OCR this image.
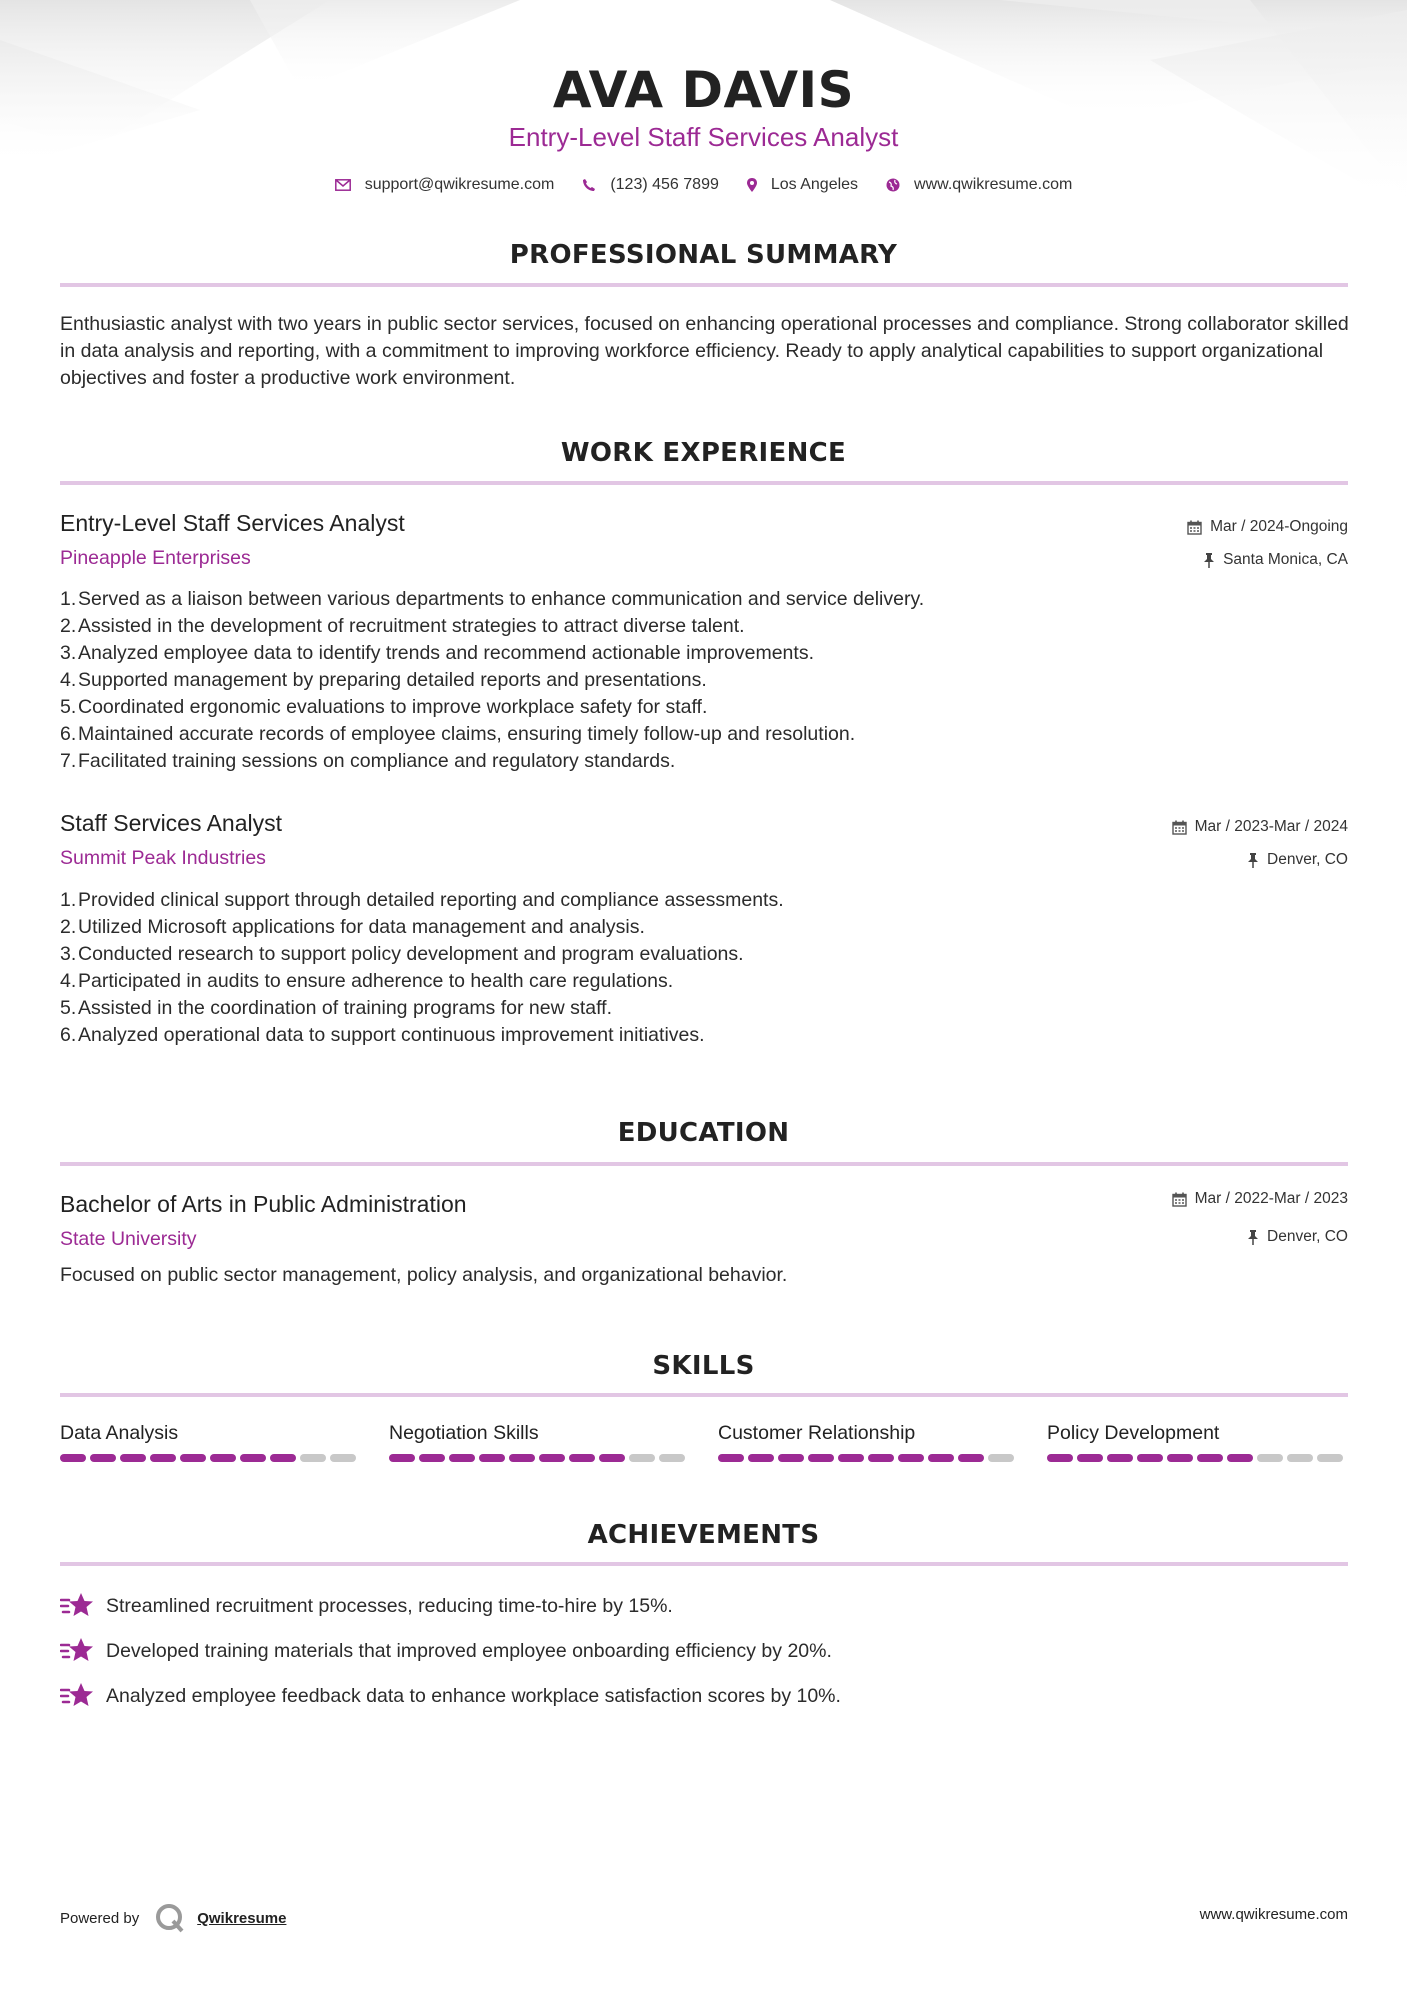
AVA DAVIS
Entry-Level Staff Services Analyst
support@qwikresume.com	(123) 456 7899	Los Angeles	www.qwikresume.com
PROFESSIONAL SUMMARY
Enthusiastic analyst with two years in public sector services, focused on enhancing operational processes and compliance. Strong collaborator skilled in data analysis and reporting, with a commitment to improving workforce efficiency. Ready to apply analytical capabilities to support organizational objectives and foster a productive work environment.
WORK EXPERIENCE
Entry-Level Staff Services Analyst
Pineapple Enterprises
Mar / 2024-Ongoing
Santa Monica, CA
1. Served as a liaison between various departments to enhance communication and service delivery.
2. Assisted in the development of recruitment strategies to attract diverse talent.
3. Analyzed employee data to identify trends and recommend actionable improvements.
4. Supported management by preparing detailed reports and presentations.
5. Coordinated ergonomic evaluations to improve workplace safety for staff.
6. Maintained accurate records of employee claims, ensuring timely follow-up and resolution.
7. Facilitated training sessions on compliance and regulatory standards.
Staff Services Analyst
Summit Peak Industries
Mar / 2023-Mar / 2024
Denver, CO
1. Provided clinical support through detailed reporting and compliance assessments.
2. Utilized Microsoft applications for data management and analysis.
3. Conducted research to support policy development and program evaluations.
4. Participated in audits to ensure adherence to health care regulations.
5. Assisted in the coordination of training programs for new staff.
6. Analyzed operational data to support continuous improvement initiatives.
EDUCATION
Bachelor of Arts in Public Administration
State University
Mar / 2022-Mar / 2023
Denver, CO
Focused on public sector management, policy analysis, and organizational behavior.
SKILLS
Data Analysis	Negotiation Skills	Customer Relationship	Policy Development
ACHIEVEMENTS
Streamlined recruitment processes, reducing time-to-hire by 15%.
Developed training materials that improved employee onboarding efficiency by 20%.
Analyzed employee feedback data to enhance workplace satisfaction scores by 10%.
Powered by	Qwikresume	www.qwikresume.com
